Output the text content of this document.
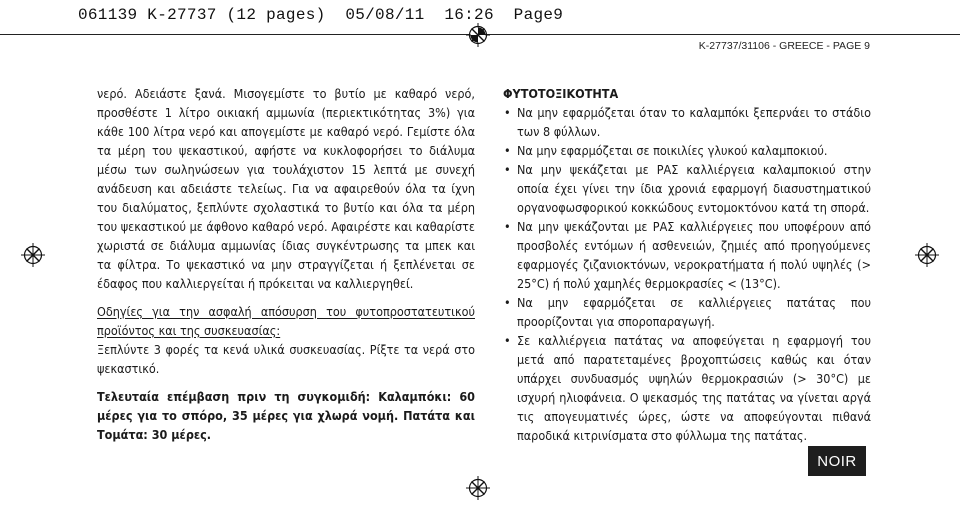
061139 K-27737 (12 pages)  05/08/11  16:26  Page9
K-27737/31106 - GREECE - PAGE 9

νερό. Αδειάστε ξανά. Μισογεμίστε το βυτίο με καθαρό νερό, προσθέστε 1 λίτρο οικιακή αμμωνία (περιεκτικότητας 3%) για κάθε 100 λίτρα νερό και απογεμίστε με καθαρό νερό. Γεμίστε όλα τα μέρη του ψεκαστικού, αφήστε να κυκλοφορήσει το διάλυμα μέσω των σωληνώσεων για τουλάχιστον 15 λεπτά με συνεχή ανάδευση και αδειάστε τελείως. Για να αφαιρεθούν όλα τα ίχνη του διαλύματος, ξεπλύντε σχολαστικά το βυτίο και όλα τα μέρη του ψεκαστικού με άφθονο καθαρό νερό. Αφαιρέστε και καθαρίστε χωριστά σε διάλυμα αμμωνίας ίδιας συγκέντρωσης τα μπεκ και τα φίλτρα. Το ψεκαστικό να μην στραγγίζεται ή ξεπλένεται σε έδαφος που καλλιεργείται ή πρόκειται να καλλιεργηθεί.

Οδηγίες για την ασφαλή απόσυρση του φυτοπροστατευτικού προϊόντος και της συσκευασίας:

Ξεπλύντε 3 φορές τα κενά υλικά συσκευασίας. Ρίξτε τα νερά στο ψεκαστικό.

Τελευταία επέμβαση πριν τη συγκομιδή: Καλαμπόκι: 60 μέρες για το σπόρο, 35 μέρες για χλωρά νομή. Πατάτα και Τομάτα: 30 μέρες.

ΦΥΤΟΤΟΞΙΚΟΤΗΤΑ

• Να μην εφαρμόζεται όταν το καλαμπόκι ξεπερνάει το στάδιο των 8 φύλλων.
• Να μην εφαρμόζεται σε ποικιλίες γλυκού καλαμποκιού.
• Να μην ψεκάζεται με ΡΑΣ καλλιέργεια καλαμποκιού στην οποία έχει γίνει την ίδια χρονιά εφαρμογή διασυστηματικού οργανοφωσφορικού κοκκώδους εντομοκτόνου κατά τη σπορά.
• Να μην ψεκάζονται με ΡΑΣ καλλιέργειες που υποφέρουν από προσβολές εντόμων ή ασθενειών, ζημιές από προηγούμενες εφαρμογές ζιζανιοκτόνων, νεροκρατήματα ή πολύ υψηλές (> 25°C) ή πολύ χαμηλές θερμοκρασίες < (13°C).
• Να μην εφαρμόζεται σε καλλιέργειες πατάτας που προορίζονται για σποροπαραγωγή.
• Σε καλλιέργεια πατάτας να αποφεύγεται η εφαρμογή του μετά από παρατεταμένες βροχοπτώσεις καθώς και όταν υπάρχει συνδυασμός υψηλών θερμοκρασιών (> 30°C) με ισχυρή ηλιοφάνεια. Ο ψεκασμός της πατάτας να γίνεται αργά τις απογευματινές ώρες, ώστε να αποφεύγονται πιθανά παροδικά κιτρινίσματα στο φύλλωμα της πατάτας.
NOIR
